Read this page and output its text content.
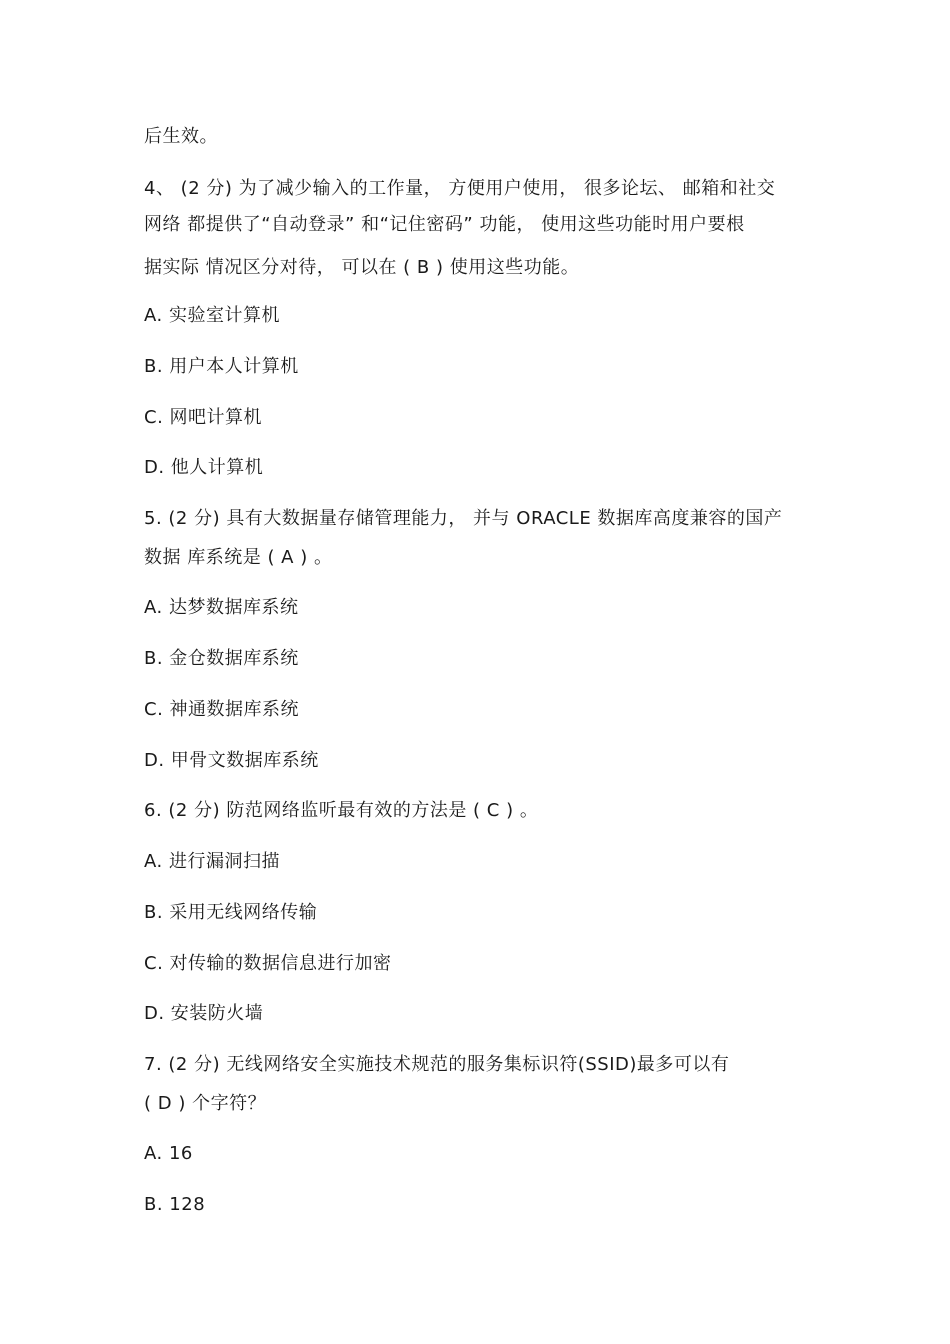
后生效。
4、 (2 分) 为了减少输入的工作量， 方便用户使用， 很多论坛、 邮箱和社交
网络 都提供了“自动登录” 和“记住密码” 功能， 使用这些功能时用户要根
据实际 情况区分对待， 可以在 ( B ) 使用这些功能。
A. 实验室计算机
B. 用户本人计算机
C. 网吧计算机
D. 他人计算机
5. (2 分) 具有大数据量存储管理能力， 并与 ORACLE 数据库高度兼容的国产
数据 库系统是 ( A ) 。
A. 达梦数据库系统
B. 金仓数据库系统
C. 神通数据库系统
D. 甲骨文数据库系统
6. (2 分) 防范网络监听最有效的方法是 ( C ) 。
A. 进行漏洞扫描
B. 采用无线网络传输
C. 对传输的数据信息进行加密
D. 安装防火墙
7. (2 分) 无线网络安全实施技术规范的服务集标识符(SSID)最多可以有
( D ) 个字符？
A. 16
B. 128
